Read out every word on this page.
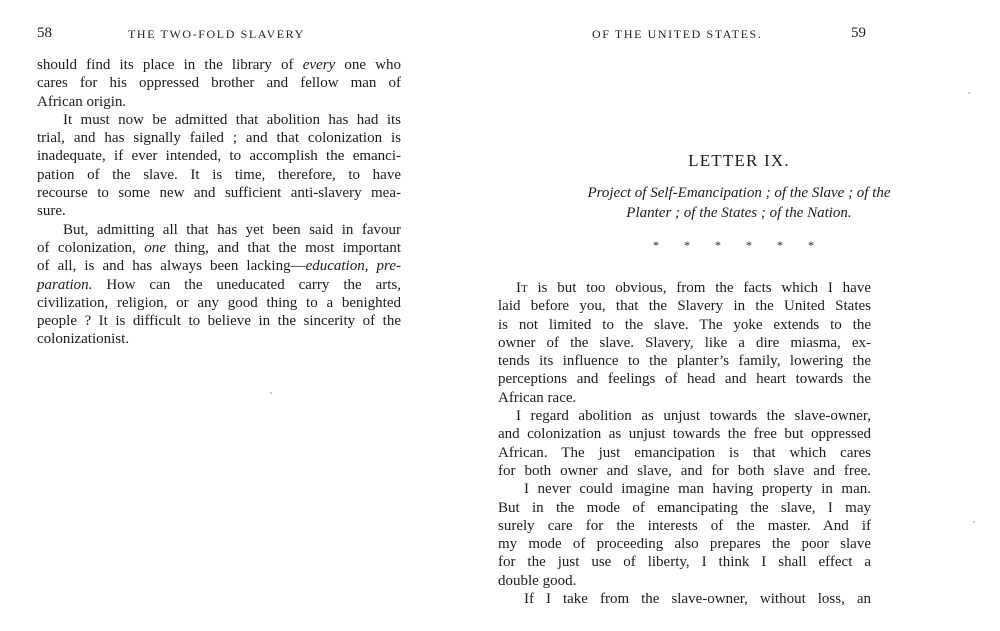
58	THE TWO-FOLD SLAVERY
should find its place in the library of every one who
cares for his oppressed brother and fellow man of
African origin.
It must now be admitted that abolition has had its
trial, and has signally failed ; and that colonization is
inadequate, if ever intended, to accomplish the emanci-
pation of the slave. It is time, therefore, to have
recourse to some new and sufficient anti-slavery mea-
sure.
But, admitting all that has yet been said in favour
of colonization, one thing, and that the most important
of all, is and has always been lacking—education, pre-
paration. How can the uneducated carry the arts,
civilization, religion, or any good thing to a benighted
people ? It is difficult to believe in the sincerity of the
colonizationist.
OF THE UNITED STATES.	59
LETTER IX.
Project of Self-Emancipation ; of the Slave ; of the
Planter ; of the States ; of the Nation.
* * * * * *
It is but too obvious, from the facts which I have
laid before you, that the Slavery in the United States
is not limited to the slave. The yoke extends to the
owner of the slave. Slavery, like a dire miasma, ex-
tends its influence to the planter’s family, lowering the
perceptions and feelings of head and heart towards the
African race.
I regard abolition as unjust towards the slave-owner,
and colonization as unjust towards the free but oppressed
African. The just emancipation is that which cares
for both owner and slave, and for both slave and free.
I never could imagine man having property in man.
But in the mode of emancipating the slave, I may
surely care for the interests of the master. And if
my mode of proceeding also prepares the poor slave
for the just use of liberty, I think I shall effect a
double good.
If I take from the slave-owner, without loss, an
